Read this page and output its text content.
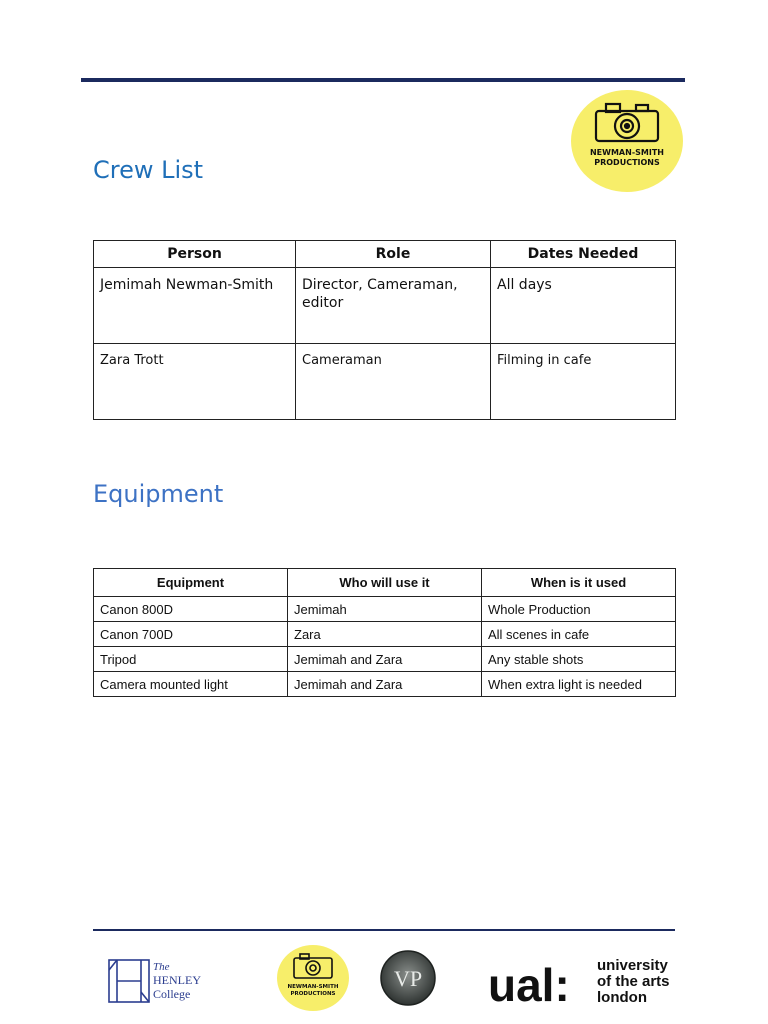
NEWMAN-SMITH
PRODUCTIONS
Crew List
Person	Role	Dates Needed
Jemimah Newman-Smith	Director, Cameraman, editor	All days
Zara Trott	Cameraman	Filming in cafe
Equipment
Equipment	Who will use it	When is it used
Canon 800D	Jemimah	Whole Production
Canon 700D	Zara	All scenes in cafe
Tripod	Jemimah and Zara	Any stable shots
Camera mounted light	Jemimah and Zara	When extra light is needed
The
HENLEY
College	NEWMAN-SMITH
PRODUCTIONS
VP ual: university
of the arts
london
